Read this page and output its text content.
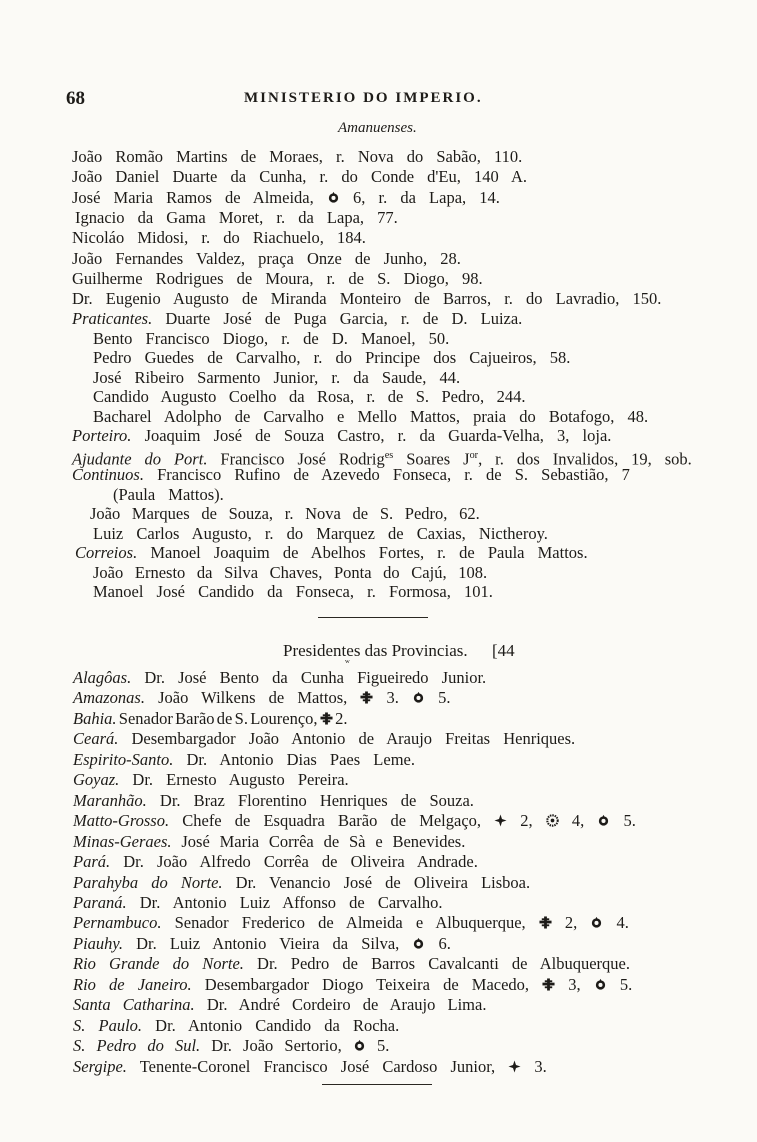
68	MINISTERIO DO IMPERIO.
Amanuenses.
João Romão Martins de Moraes, r. Nova do Sabão, 110.
João Daniel Duarte da Cunha, r. do Conde d'Eu, 140 A.
José Maria Ramos de Almeida,
6, r. da Lapa, 14.
Ignacio da Gama Moret, r. da Lapa, 77.
Nicoláo Midosi, r. do Riachuelo, 184.
João Fernandes Valdez, praça Onze de Junho, 28.
Guilherme Rodrigues de Moura, r. de S. Diogo, 98.
Dr. Eugenio Augusto de Miranda Monteiro de Barros, r. do Lavradio, 150.
Praticantes. Duarte José de Puga Garcia, r. de D. Luiza.
Bento Francisco Diogo, r. de D. Manoel, 50.
Pedro Guedes de Carvalho, r. do Principe dos Cajueiros, 58.
José Ribeiro Sarmento Junior, r. da Saude, 44.
Candido Augusto Coelho da Rosa, r. de S. Pedro, 244.
Bacharel Adolpho de Carvalho e Mello Mattos, praia do Botafogo, 48.
Porteiro. Joaquim José de Souza Castro, r. da Guarda-Velha, 3, loja.
Ajudante do Port. Francisco José Rodrig$^{es}$ Soares $J^{or}$, r. dos Invalidos, 19, sob.
Continuos. Francisco Rufino de Azevedo Fonseca, r. de S. Sebastião, 7
(Paula Mattos).
João Marques de Souza, r. Nova de S. Pedro, 62.
Luiz Carlos Augusto, r. do Marquez de Caxias, Nictheroy.
Correios. Manoel Joaquim de Abelhos Fortes, r. de Paula Mattos.
João Ernesto da Silva Chaves, Ponta do Cajú, 108.
Manoel José Candido da Fonseca, r. Formosa, 101.
Presidentes das Provincias. [44
ʷ
Alagôas. Dr. José Bento da Cunha Figueiredo Junior.
Amazonas. João Wilkens de Mattos,
3.
5.
Bahia. Senador Barão de S. Lourenço,
2.
Ceará. Desembargador João Antonio de Araujo Freitas Henriques.
Espirito-Santo. Dr. Antonio Dias Paes Leme.
Goyaz. Dr. Ernesto Augusto Pereira.
Maranhão. Dr. Braz Florentino Henriques de Souza.
Matto-Grosso. Chefe de Esquadra Barão de Melgaço,
2,
4,
5.
Minas-Geraes. José Maria Corrêa de Sà e Benevides.
Pará. Dr. João Alfredo Corrêa de Oliveira Andrade.
Parahyba do Norte. Dr. Venancio José de Oliveira Lisboa.
Paraná. Dr. Antonio Luiz Affonso de Carvalho.
Pernambuco. Senador Frederico de Almeida e Albuquerque,
2,
4.
Piauhy. Dr. Luiz Antonio Vieira da Silva,
6.
Rio Grande do Norte. Dr. Pedro de Barros Cavalcanti de Albuquerque.
Rio de Janeiro. Desembargador Diogo Teixeira de Macedo,
3,
5.
Santa Catharina. Dr. André Cordeiro de Araujo Lima.
S. Paulo. Dr. Antonio Candido da Rocha.
S. Pedro do Sul. Dr. João Sertorio,
5.
Sergipe. Tenente-Coronel Francisco José Cardoso Junior,
3.
